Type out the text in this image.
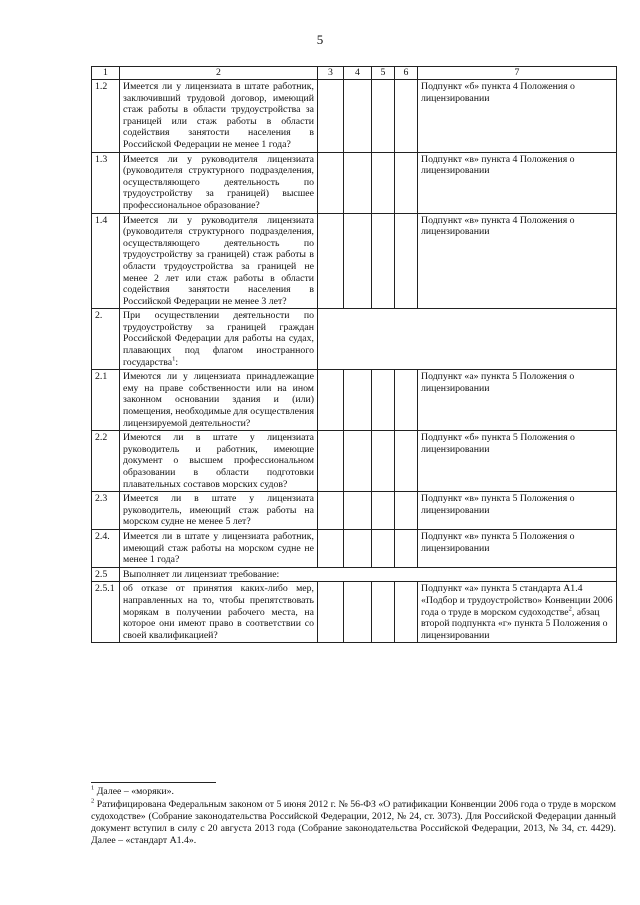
5
1	2	3	4	5	6	7
1.2	Имеется ли у лицензиата в штате работник, заключивший трудовой договор, имеющий стаж работы в области трудоустройства за границей или стаж работы в области содействия занятости населения в Российской Федерации не менее 1 года?					Подпункт «б» пункта 4 Положения о лицензировании
1.3	Имеется ли у руководителя лицензиата (руководителя структурного подразделения, осуществляющего деятельность по трудоустройству за границей) высшее профессиональное образование?					Подпункт «в» пункта 4 Положения о лицензировании
1.4	Имеется ли у руководителя лицензиата (руководителя структурного подразделения, осуществляющего деятельность по трудоустройству за границей) стаж работы в области трудоустройства за границей не менее 2 лет или стаж работы в области содействия занятости населения в Российской Федерации не менее 3 лет?					Подпункт «в» пункта 4 Положения о лицензировании
2.	При осуществлении деятельности по трудоустройству за границей граждан Российской Федерации для работы на судах, плавающих под флагом иностранного государства$^1$:					
2.1	Имеются ли у лицензиата принадлежащие ему на праве собственности или на ином законном основании здания и (или) помещения, необходимые для осуществления лицензируемой деятельности?					Подпункт «а» пункта 5 Положения о лицензировании
2.2	Имеются ли в штате у лицензиата руководитель и работник, имеющие документ о высшем профессиональном образовании в области подготовки плавательных составов морских судов?					Подпункт «б» пункта 5 Положения о лицензировании
2.3	Имеется ли в штате у лицензиата руководитель, имеющий стаж работы на морском судне не менее 5 лет?					Подпункт «в» пункта 5 Положения о лицензировании
2.4.	Имеется ли в штате у лицензиата работник, имеющий стаж работы на морском судне не менее 1 года?					Подпункт «в» пункта 5 Положения о лицензировании
2.5	Выполняет ли лицензиат требование:					
2.5.1	об отказе от принятия каких-либо мер, направленных на то, чтобы препятствовать морякам в получении рабочего места, на которое они имеют право в соответствии со своей квалификацией?					Подпункт «а» пункта 5 стандарта А1.4 «Подбор и трудоустройство» Конвенции 2006 года о труде в морском судоходстве$^2$, абзац второй подпункта «г» пункта 5 Положения о лицензировании

$^1$ Далее – «моряки».

$^2$ Ратифицирована Федеральным законом от 5 июня 2012 г. № 56-ФЗ «О ратификации Конвенции 2006 года о труде в морском судоходстве» (Собрание законодательства Российской Федерации, 2012, № 24, ст. 3073). Для Российской Федерации данный документ вступил в силу с 20 августа 2013 года (Собрание законодательства Российской Федерации, 2013, № 34, ст. 4429). Далее – «стандарт А1.4».
